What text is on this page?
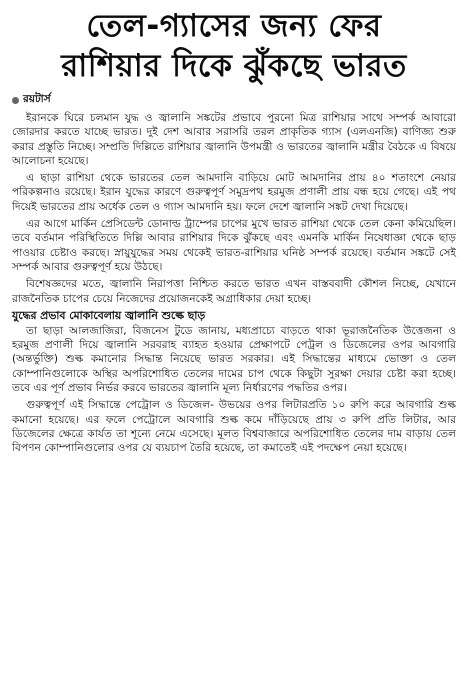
তেল-গ্যাসের জন্য ফের
রাশিয়ার দিকে ঝুঁকছে ভারত
রয়টার্স

ইরানকে ঘিরে চলমান যুদ্ধ ও জ্বালানি সঙ্কটের প্রভাবে পুরনো মিত্র রাশিয়ার সাথে সম্পর্ক আবারো জোরদার করতে যাচ্ছে ভারত। দুই দেশ আবার সরাসরি তরল প্রাকৃতিক গ্যাস (এলএনজি) বাণিজ্য শুরু করার প্রস্তুতি নিচ্ছে। সম্প্রতি দিল্লিতে রাশিয়ার জ্বালানি উপমন্ত্রী ও ভারতের জ্বালানি মন্ত্রীর বৈঠকে এ বিষয়ে আলোচনা হয়েছে।

এ ছাড়া রাশিয়া থেকে ভারতের তেল আমদানি বাড়িয়ে মোট আমদানির প্রায় ৪০ শতাংশে নেয়ার পরিকল্পনাও রয়েছে। ইরান যুদ্ধের কারণে গুরুত্বপূর্ণ সমুদ্রপথ হরমুজ প্রণালী প্রায় বন্ধ হয়ে গেছে। এই পথ দিয়েই ভারতের প্রায় অর্ধেক তেল ও গ্যাস আমদানি হয়। ফলে দেশে জ্বালানি সঙ্কট দেখা দিয়েছে।

এর আগে মার্কিন প্রেসিডেন্ট ডোনাল্ড ট্রাম্পের চাপের মুখে ভারত রাশিয়া থেকে তেল কেনা কমিয়েছিল। তবে বর্তমান পরিস্থিতিতে দিল্লি আবার রাশিয়ার দিকে ঝুঁকছে এবং এমনকি মার্কিন নিষেধাজ্ঞা থেকে ছাড় পাওয়ার চেষ্টাও করছে। স্নায়ুযুদ্ধের সময় থেকেই ভারত-রাশিয়ার ঘনিষ্ঠ সম্পর্ক রয়েছে। বর্তমান সঙ্কটে সেই সম্পর্ক আবার গুরুত্বপূর্ণ হয়ে উঠছে।

বিশেষজ্ঞদের মতে, জ্বালানি নিরাপত্তা নিশ্চিত করতে ভারত এখন বাস্তববাদী কৌশল নিচ্ছে, যেখানে রাজনৈতিক চাপের চেয়ে নিজেদের প্রয়োজনকেই অগ্রাধিকার দেয়া হচ্ছে।

যুদ্ধের প্রভাব মোকাবেলায় জ্বালানি শুল্কে ছাড়

তা ছাড়া আলজাজিরা, বিজনেস টুডে জানায়, মধ্যপ্রাচ্যে বাড়তে থাকা ভূরাজনৈতিক উত্তেজনা ও হরমুজ প্রণালী দিয়ে জ্বালানি সরবরাহ ব্যাহত হওয়ার প্রেক্ষাপটে পেট্রল ও ডিজেলের ওপর আবগারি (অন্তর্ভুক্তি) শুল্ক কমানোর সিদ্ধান্ত নিয়েছে ভারত সরকার। এই সিদ্ধান্তের মাধ্যমে ভোক্তা ও তেল কোম্পানিগুলোকে অস্থির অপরিশোধিত তেলের দামের চাপ থেকে কিছুটা সুরক্ষা দেয়ার চেষ্টা করা হচ্ছে। তবে এর পূর্ণ প্রভাব নির্ভর করবে ভারতের জ্বালানি মূল্য নির্ধারণের পদ্ধতির ওপর।

গুরুত্বপূর্ণ এই সিদ্ধান্তে পেট্রোল ও ডিজেল- উভয়ের ওপর লিটারপ্রতি ১০ রুপি করে আবগারি শুল্ক কমানো হয়েছে। এর ফলে পেট্রোলে আবগারি শুল্ক কমে দাঁড়িয়েছে প্রায় ৩ রুপি প্রতি লিটার, আর ডিজেলের ক্ষেত্রে কার্যত তা শূন্যে নেমে এসেছে। মূলত বিশ্ববাজারে অপরিশোধিত তেলের দাম বাড়ায় তেল বিপণন কোম্পানিগুলোর ওপর যে ব্যয়চাপ তৈরি হয়েছে, তা কমাতেই এই পদক্ষেপ নেয়া হয়েছে।
